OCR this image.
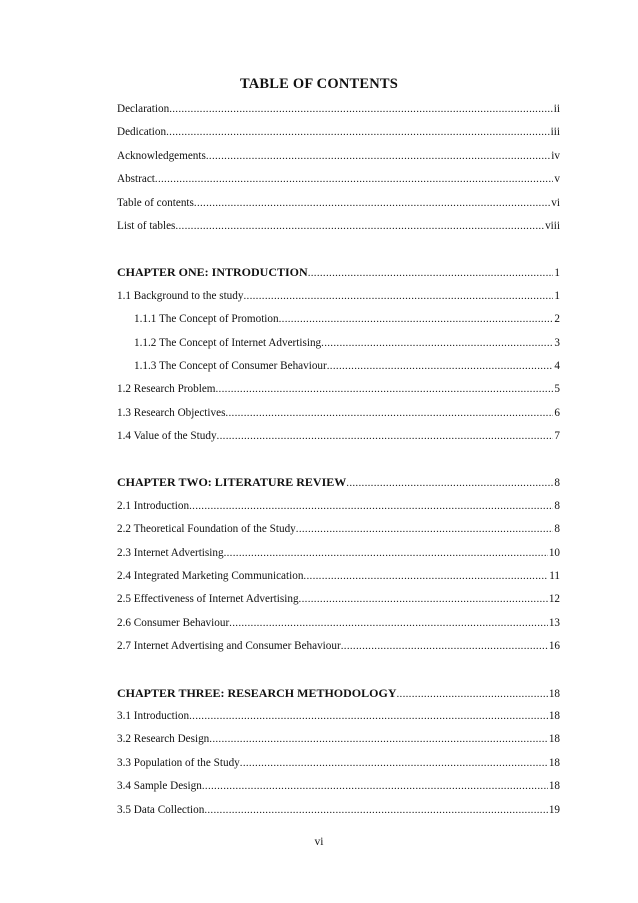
TABLE OF CONTENTS
Declaration .....	ii
Dedication .....	iii
Acknowledgements .....	iv
Abstract .....	v
Table of contents .....	vi
List of tables .....	viii
CHAPTER ONE: INTRODUCTION .....	1
1.1 Background to the study .....	1
1.1.1 The Concept of Promotion .....	2
1.1.2 The Concept of Internet Advertising .....	3
1.1.3 The Concept of Consumer Behaviour .....	4
1.2 Research Problem .....	5
1.3 Research Objectives .....	6
1.4 Value of the Study .....	7
CHAPTER TWO: LITERATURE REVIEW .....	8
2.1 Introduction .....	8
2.2 Theoretical Foundation of the Study .....	8
2.3 Internet Advertising .....	10
2.4 Integrated Marketing Communication .....	11
2.5 Effectiveness of Internet Advertising .....	12
2.6 Consumer Behaviour .....	13
2.7 Internet Advertising and Consumer Behaviour .....	16
CHAPTER THREE: RESEARCH METHODOLOGY .....	18
3.1 Introduction .....	18
3.2 Research Design .....	18
3.3 Population of the Study .....	18
3.4 Sample Design .....	18
3.5 Data Collection .....	19
vi
